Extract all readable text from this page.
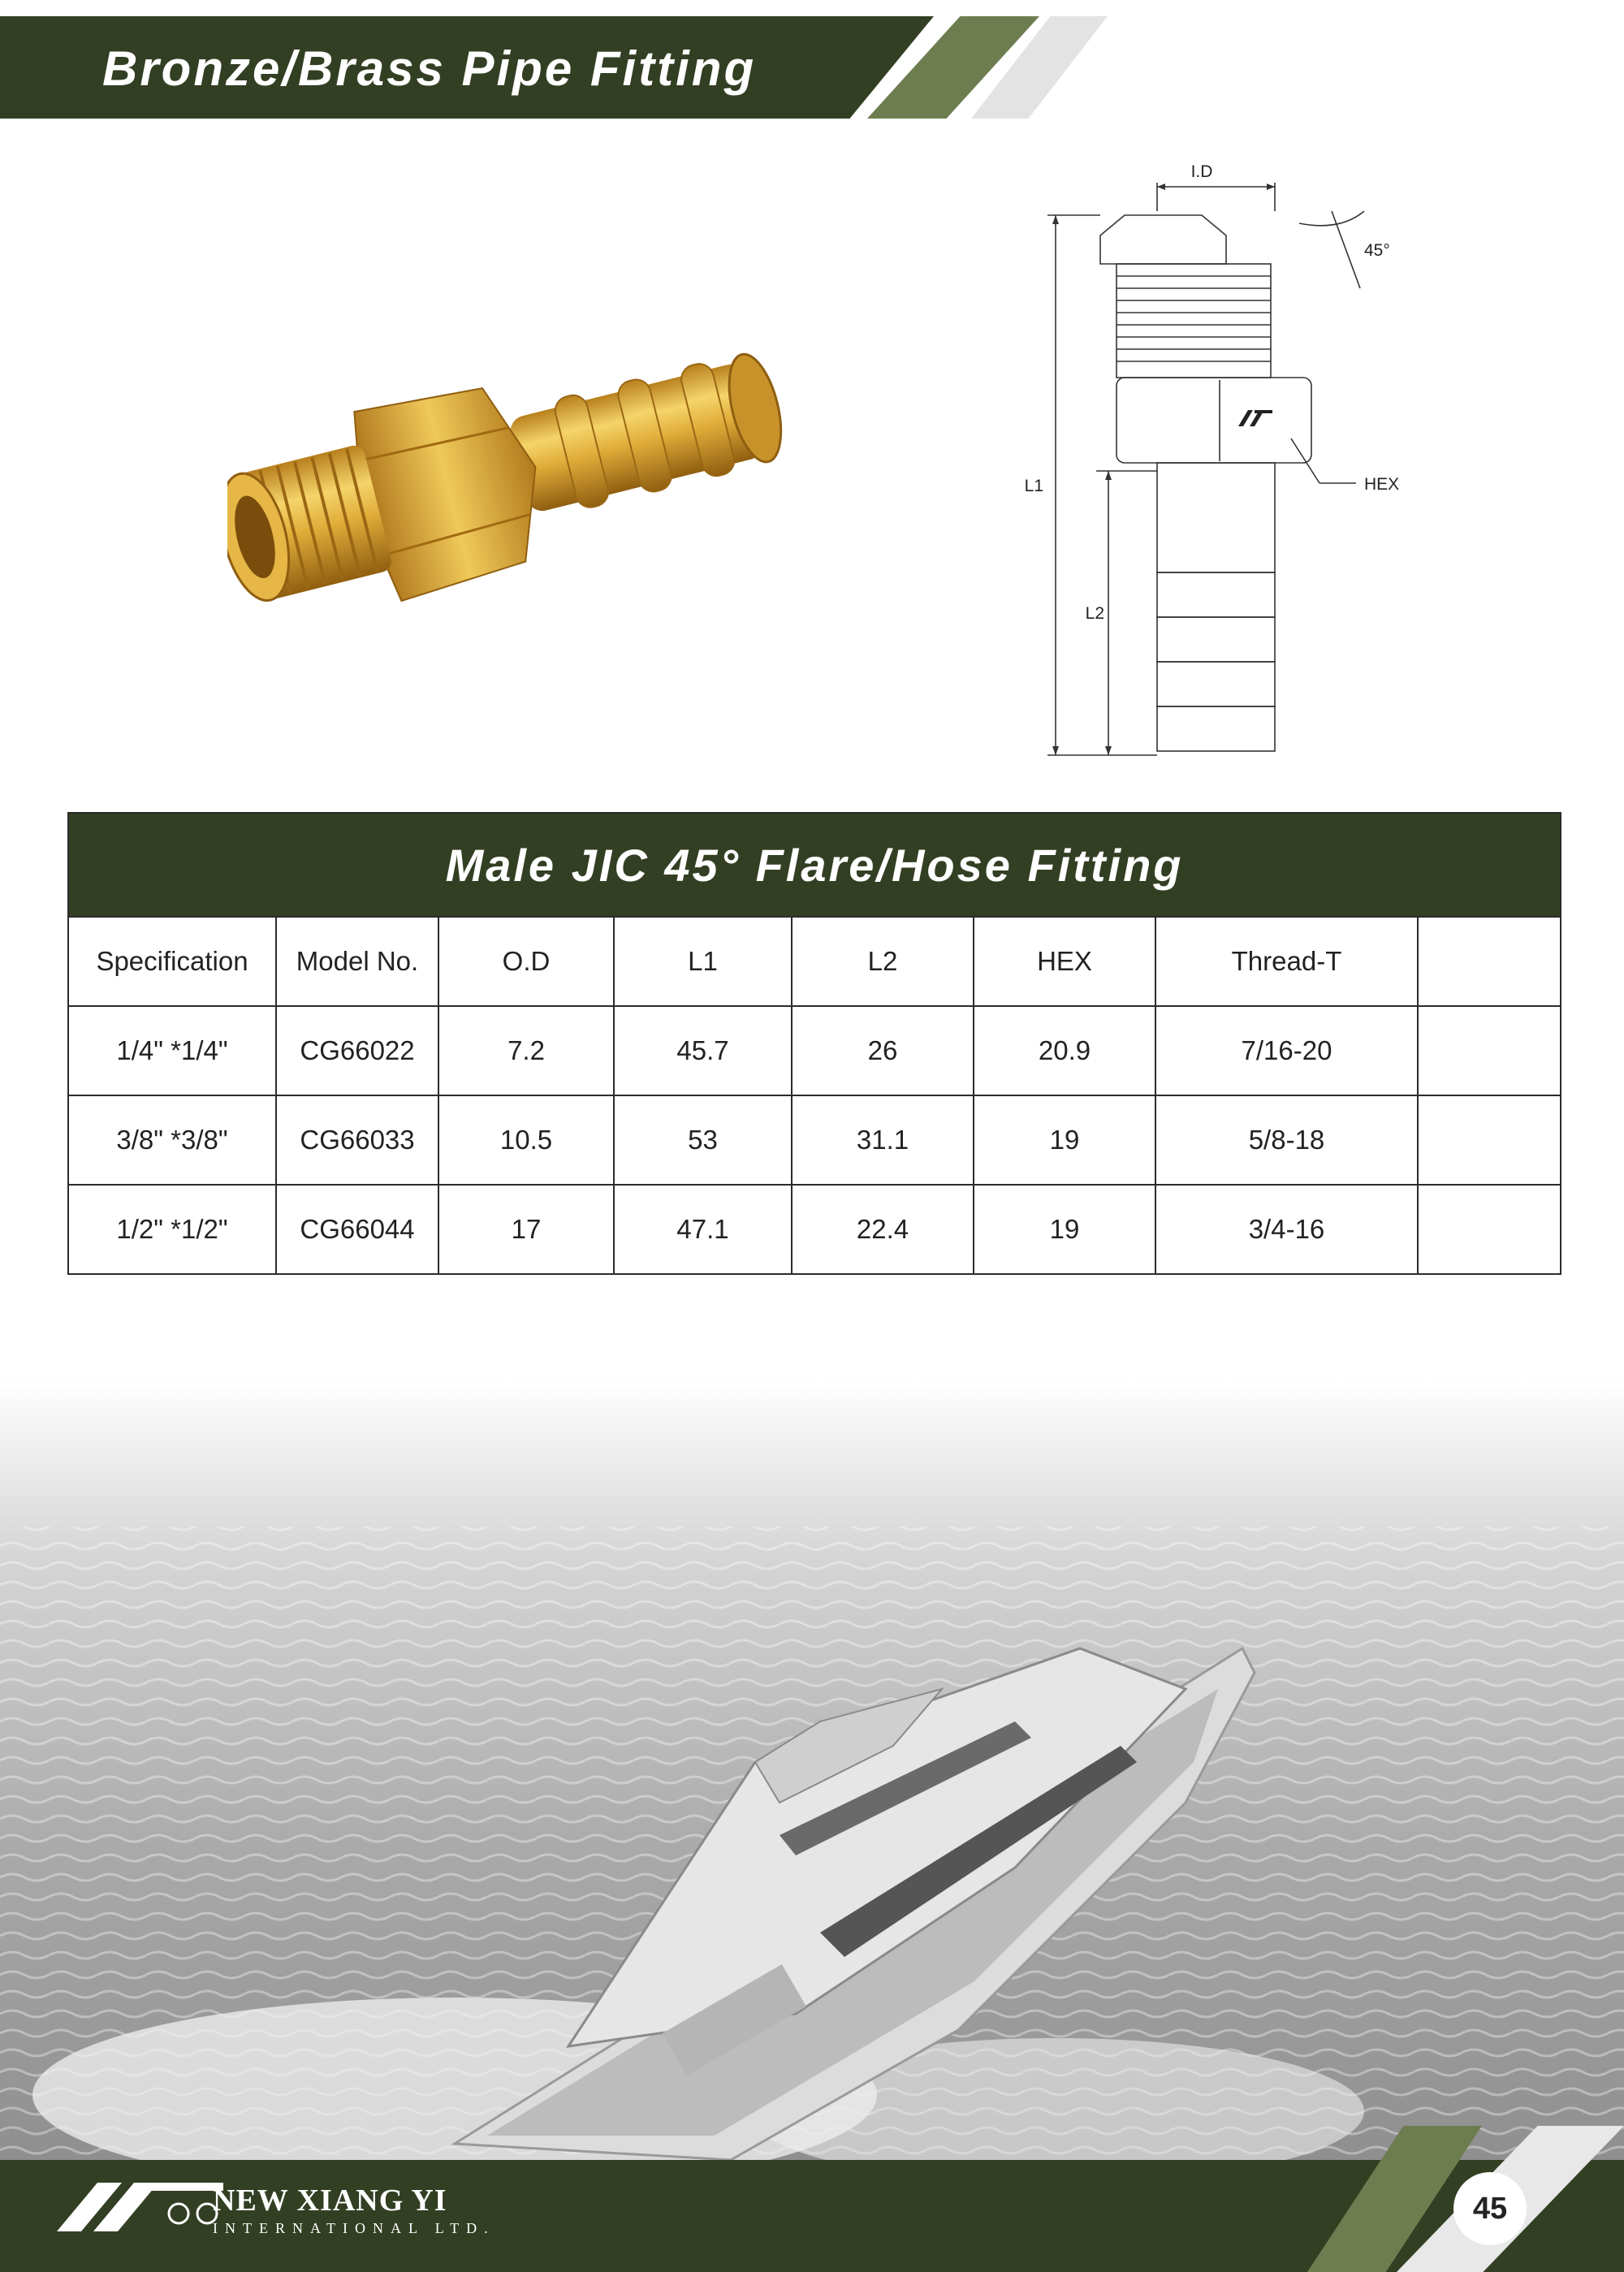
Bronze/Brass Pipe Fitting
I.D
45°
HEX
L1
L2
Male JIC 45° Flare/Hose Fitting							
Specification	Model No.	O.D	L1	L2	HEX	Thread-T	
1/4" *1/4"	CG66022	7.2	45.7	26	20.9	7/16-20	
3/8" *3/8"	CG66033	10.5	53	31.1	19	5/8-18	
1/2" *1/2"	CG66044	17	47.1	22.4	19	3/4-16	
45
NEW XIANG YI
INTERNATIONAL LTD.
